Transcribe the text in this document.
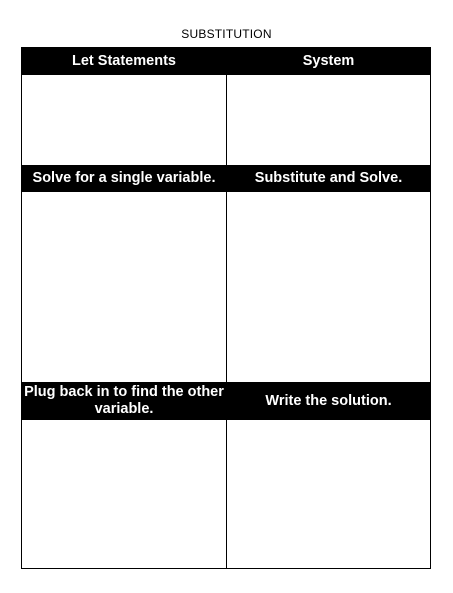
SUBSTITUTION
Let Statements	System
Solve for a single variable.	Substitute and Solve.
Plug back in to find the other variable.
Write the solution.
